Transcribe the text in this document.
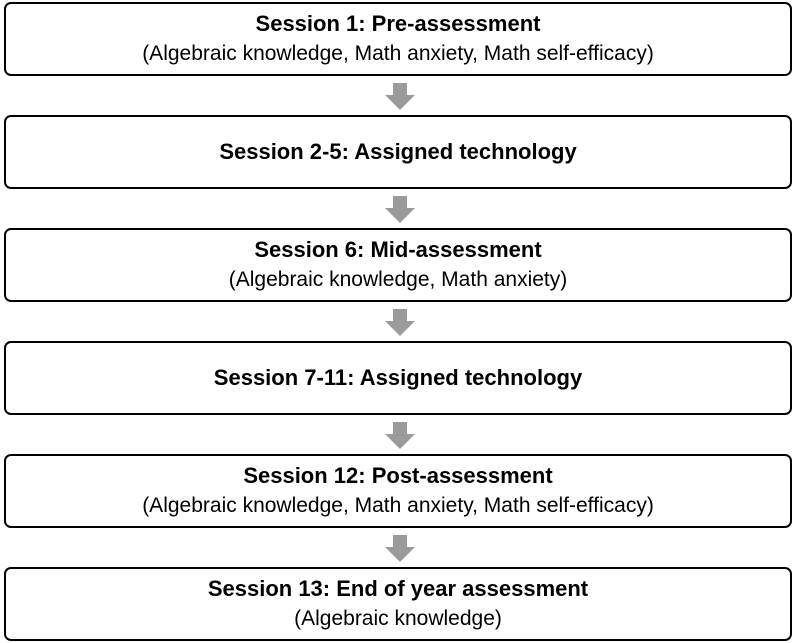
Session 1: Pre-assessment
(Algebraic knowledge, Math anxiety, Math self-efficacy)
Session 2-5: Assigned technology
Session 6: Mid-assessment
(Algebraic knowledge, Math anxiety)
Session 7-11: Assigned technology
Session 12: Post-assessment
(Algebraic knowledge, Math anxiety, Math self-efficacy)
Session 13: End of year assessment
(Algebraic knowledge)
